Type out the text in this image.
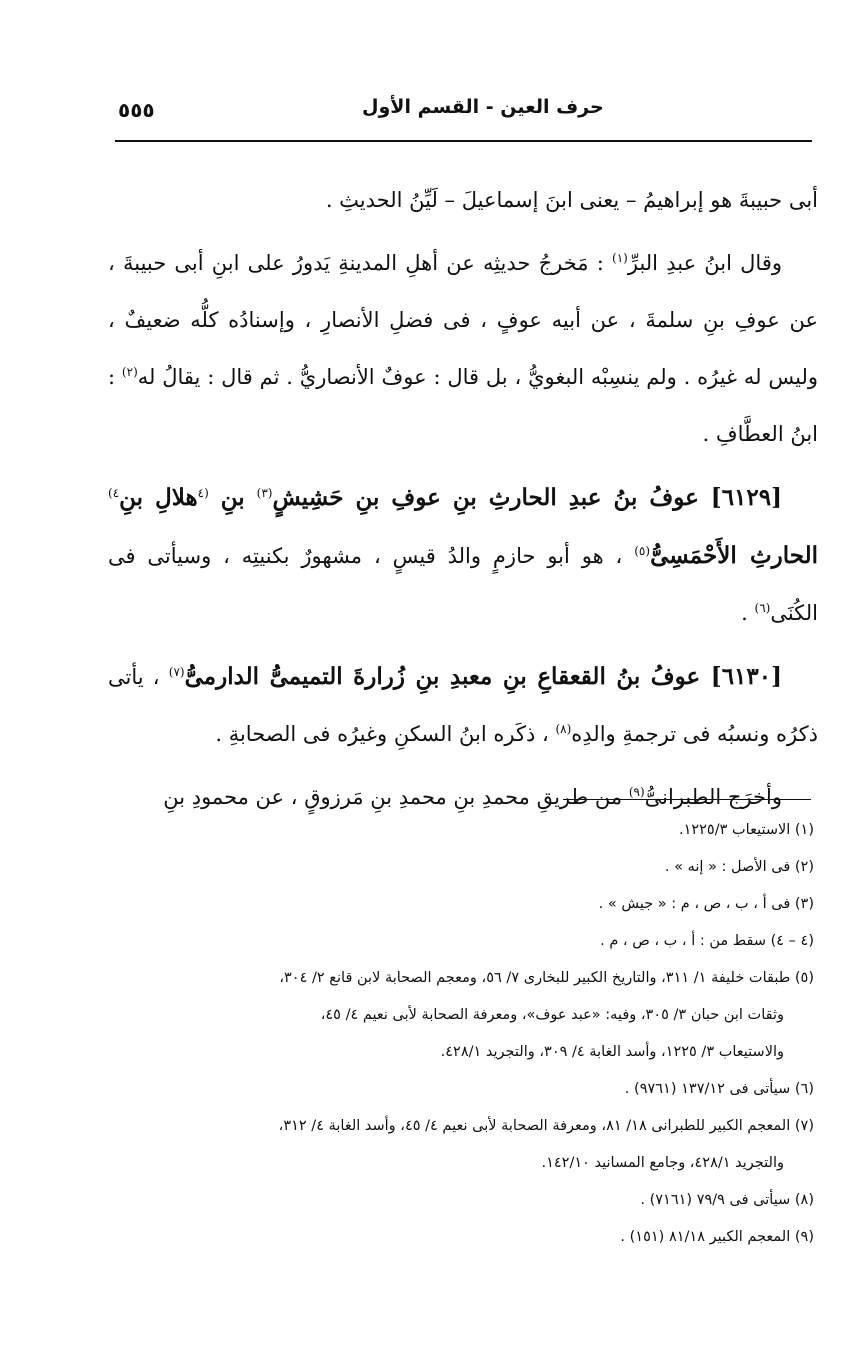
٥٥٥	حرف العين - القسم الأول

أبى حبيبةَ هو إبراهيمُ – يعنى ابنَ إسماعيلَ – لَيِّنُ الحديثِ .

وقال ابنُ عبدِ البرِّ$^{(١)}$ : مَخرجُ حديثِه عن أهلِ المدينةِ يَدورُ على ابنِ أبى حبيبةَ ، عن عوفِ بنِ سلمةَ ، عن أبيه عوفٍ ، فى فضلِ الأنصارِ ، وإسنادُه كلُّه ضعيفٌ ، وليس له غيرُه . ولم ينسِبْه البغويُّ ، بل قال : عوفٌ الأنصاريُّ . ثم قال : يقالُ له$^{(٢)}$ : ابنُ العطَّافِ .

[٦١٢٩] عوفُ بنُ عبدِ الحارثِ بنِ عوفِ بنِ حَشِيشٍ$^{(٣)}$ بنِ $^{(٤}$هلالِ بنِ$^{٤)}$ الحارثِ الأَحْمَسِىُّ$^{(٥)}$ ، هو أبو حازمٍ والدُ قيسٍ ، مشهورٌ بكنيتِه ، وسيأتى فى الكُنَى$^{(٦)}$ .

[٦١٣٠] عوفُ بنُ القعقاعِ بنِ معبدِ بنِ زُرارةَ التميمىُّ الدارمىُّ$^{(٧)}$ ، يأتى ذكرُه ونسبُه فى ترجمةِ والدِه$^{(٨)}$ ، ذكَره ابنُ السكنِ وغيرُه فى الصحابةِ .

وأخرَج الطبرانىُّ$^{(٩)}$ من طريقِ محمدِ بنِ محمدِ بنِ مَرزوقٍ ، عن محمودِ بنِ

(١) الاستيعاب ١٢٢٥/٣.

(٢) فى الأصل : « إنه » .

(٣) فى أ ، ب ، ص ، م : « جيش » .

(٤ – ٤) سقط من : أ ، ب ، ص ، م .

(٥) طبقات خليفة ١/ ٣١١، والتاريخ الكبير للبخارى ٧/ ٥٦، ومعجم الصحابة لابن قانع ٢/ ٣٠٤،

وثقات ابن حبان ٣/ ٣٠٥، وفيه: «عبد عوف»، ومعرفة الصحابة لأبى نعيم ٤/ ٤٥،

والاستيعاب ٣/ ١٢٢٥، وأسد الغابة ٤/ ٣٠٩، والتجريد ٤٢٨/١.

(٦) سيأتى فى ١٣٧/١٢ (٩٧٦١) .

(٧) المعجم الكبير للطبرانى ١٨/ ٨١، ومعرفة الصحابة لأبى نعيم ٤/ ٤٥، وأسد الغابة ٤/ ٣١٢،

والتجريد ٤٢٨/١، وجامع المسانيد ١٤٢/١٠.

(٨) سيأتى فى ٧٩/٩ (٧١٦١) .

(٩) المعجم الكبير ٨١/١٨ (١٥١) .
